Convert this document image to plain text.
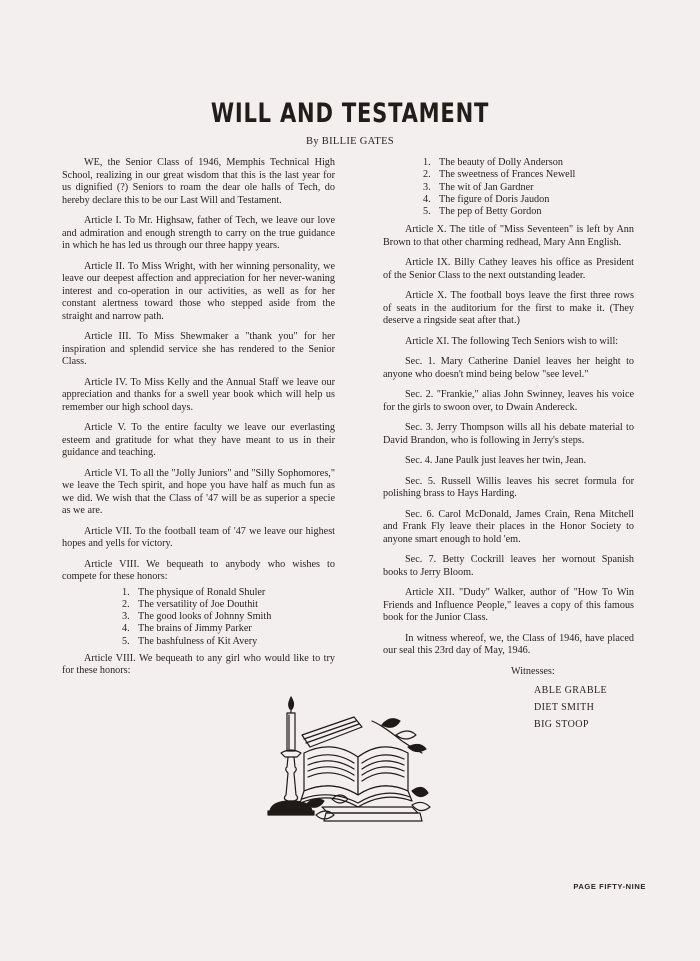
WILL AND TESTAMENT
By BILLIE GATES

WE, the Senior Class of 1946, Memphis Technical High School, realizing in our great wisdom that this is the last year for us dignified (?) Seniors to roam the dear ole halls of Tech, do hereby declare this to be our Last Will and Testament.

Article I. To Mr. Highsaw, father of Tech, we leave our love and admiration and enough strength to carry on the true guidance in which he has led us through our three happy years.

Article II. To Miss Wright, with her winning personality, we leave our deepest affection and appreciation for her never-waning interest and co-operation in our activities, as well as for her constant alertness toward those who stepped aside from the straight and narrow path.

Article III. To Miss Shewmaker a "thank you" for her inspiration and splendid service she has rendered to the Senior Class.

Article IV. To Miss Kelly and the Annual Staff we leave our appreciation and thanks for a swell year book which will help us remember our high school days.

Article V. To the entire faculty we leave our everlasting esteem and gratitude for what they have meant to us in their guidance and teaching.

Article VI. To all the "Jolly Juniors" and "Silly Sophomores," we leave the Tech spirit, and hope you have half as much fun as we did. We wish that the Class of '47 will be as superior a specie as we are.

Article VII. To the football team of '47 we leave our highest hopes and yells for victory.

Article VIII. We bequeath to anybody who wishes to compete for these honors:

1. The physique of Ronald Shuler
2. The versatility of Joe Douthit
3. The good looks of Johnny Smith
4. The brains of Jimmy Parker
5. The bashfulness of Kit Avery

Article VIII. We bequeath to any girl who would like to try for these honors:

1. The beauty of Dolly Anderson
2. The sweetness of Frances Newell
3. The wit of Jan Gardner
4. The figure of Doris Jaudon
5. The pep of Betty Gordon

Article X. The title of "Miss Seventeen" is left by Ann Brown to that other charming redhead, Mary Ann English.

Article IX. Billy Cathey leaves his office as President of the Senior Class to the next outstanding leader.

Article X. The football boys leave the first three rows of seats in the auditorium for the first to make it. (They deserve a ringside seat after that.)

Article XI. The following Tech Seniors wish to will:

Sec. 1. Mary Catherine Daniel leaves her height to anyone who doesn't mind being below "see level."

Sec. 2. "Frankie," alias John Swinney, leaves his voice for the girls to swoon over, to Dwain Andereck.

Sec. 3. Jerry Thompson wills all his debate material to David Brandon, who is following in Jerry's steps.

Sec. 4. Jane Paulk just leaves her twin, Jean.

Sec. 5. Russell Willis leaves his secret formula for polishing brass to Hays Harding.

Sec. 6. Carol McDonald, James Crain, Rena Mitchell and Frank Fly leave their places in the Honor Society to anyone smart enough to hold 'em.

Sec. 7. Betty Cockrill leaves her wornout Spanish books to Jerry Bloom.

Article XII. "Dudy" Walker, author of "How To Win Friends and Influence People," leaves a copy of this famous book for the Junior Class.

In witness whereof, we, the Class of 1946, have placed our seal this 23rd day of May, 1946.

Witnesses:
ABLE GRABLE
DIET SMITH
BIG STOOP
PAGE FIFTY-NINE
